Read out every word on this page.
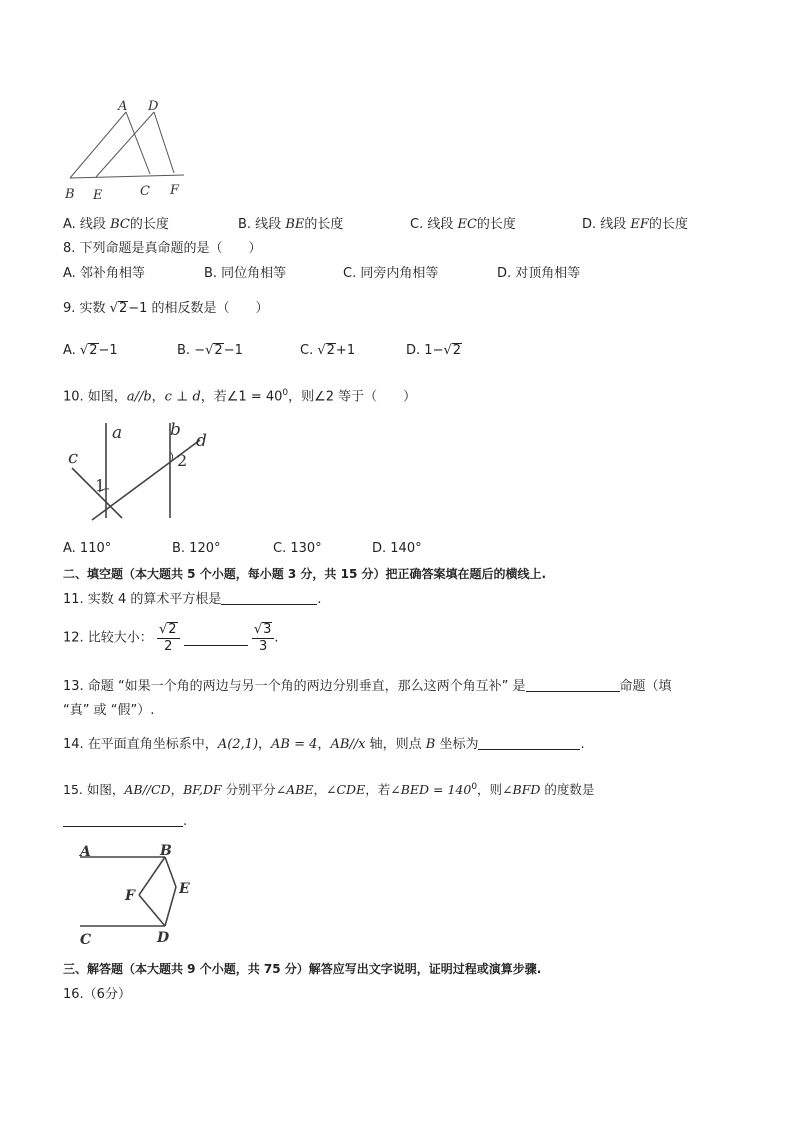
A D
B E	C F
A. 线段 BC的长度	B. 线段 BE的长度	C. 线段 EC的长度	D. 线段 EF的长度
8. 下列命题是真命题的是（　　）
A. 邻补角相等	B. 同位角相等	C. 同旁内角相等	D. 对顶角相等
9. 实数 √2−1 的相反数是（　　）
A. √2−1	B. −√2−1	C. √2+1	D. 1−√2
10. 如图，a//b，c ⊥ d，若∠1 = $40^0$，则∠2 等于（　　）
a	b
c
d
1
2
A. 110°	B. 120°	C. 130°	D. 140°
二、填空题（本大题共 5 个小题，每小题 3 分，共 15 分）把正确答案填在题后的横线上.
11. 实数 4 的算术平方根是	.
12. 比较大小： $\frac{√2}{2}$
	$\frac{√3}{3}$ .
13. 命题 “如果一个角的两边与另一个角的两边分别垂直，那么这两个角互补” 是	命题（填
“真” 或 “假”）.
14. 在平面直角坐标系中，A(2,1)，AB = 4，AB//x 轴，则点 B 坐标为	.
15. 如图，AB//CD，BF,DF 分别平分∠ABE，∠CDE，若∠BED = $140^0$，则∠BFD 的度数是
.
A	B
E
F
C	D
三、解答题（本大题共 9 个小题，共 75 分）解答应写出文字说明，证明过程或演算步骤.
16.（6分）
